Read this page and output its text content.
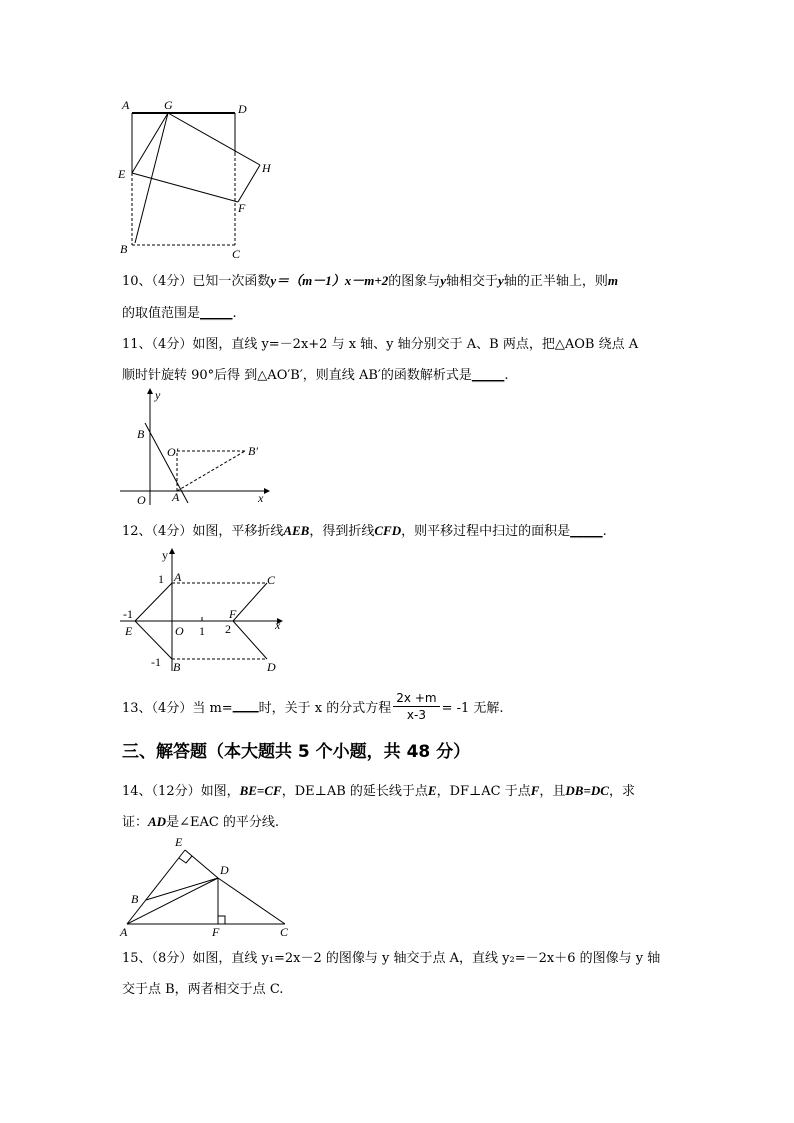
A	G	D
H
E
F
B	C
10、（4分）已知一次函数y＝（m－1）x－m+2的图象与y轴相交于y轴的正半轴上，则m
的取值范围是_____.
11、（4分）如图，直线 y=－2x+2 与 x 轴、y 轴分别交于 A、B 两点，把△AOB 绕点 A
顺时针旋转 90°后得 到△AO′B′，则直线 AB′的函数解析式是_____.
y
B
O′	B′
O A	x
12、（4分）如图，平移折线AEB，得到折线CFD，则平移过程中扫过的面积是_____.
y
1 A	C
-1
E	O 1 2
F
x
-1 B	D
13、（4分）当 m=____时，关于 x 的分式方程 $\frac{2x +m}{x-3} = -1$ 无解.
三、解答题（本大题共 5 个小题，共 48 分）
14、（12分）如图，BE=CF，DE⊥AB 的延长线于点E，DF⊥AC 于点F，且DB=DC，求
证：AD是∠EAC 的平分线.
E
D
B
A	F	C
15、（8分）如图，直线 y₁=2x－2 的图像与 y 轴交于点 A，直线 y₂=－2x＋6 的图像与 y 轴
交于点 B，两者相交于点 C.
